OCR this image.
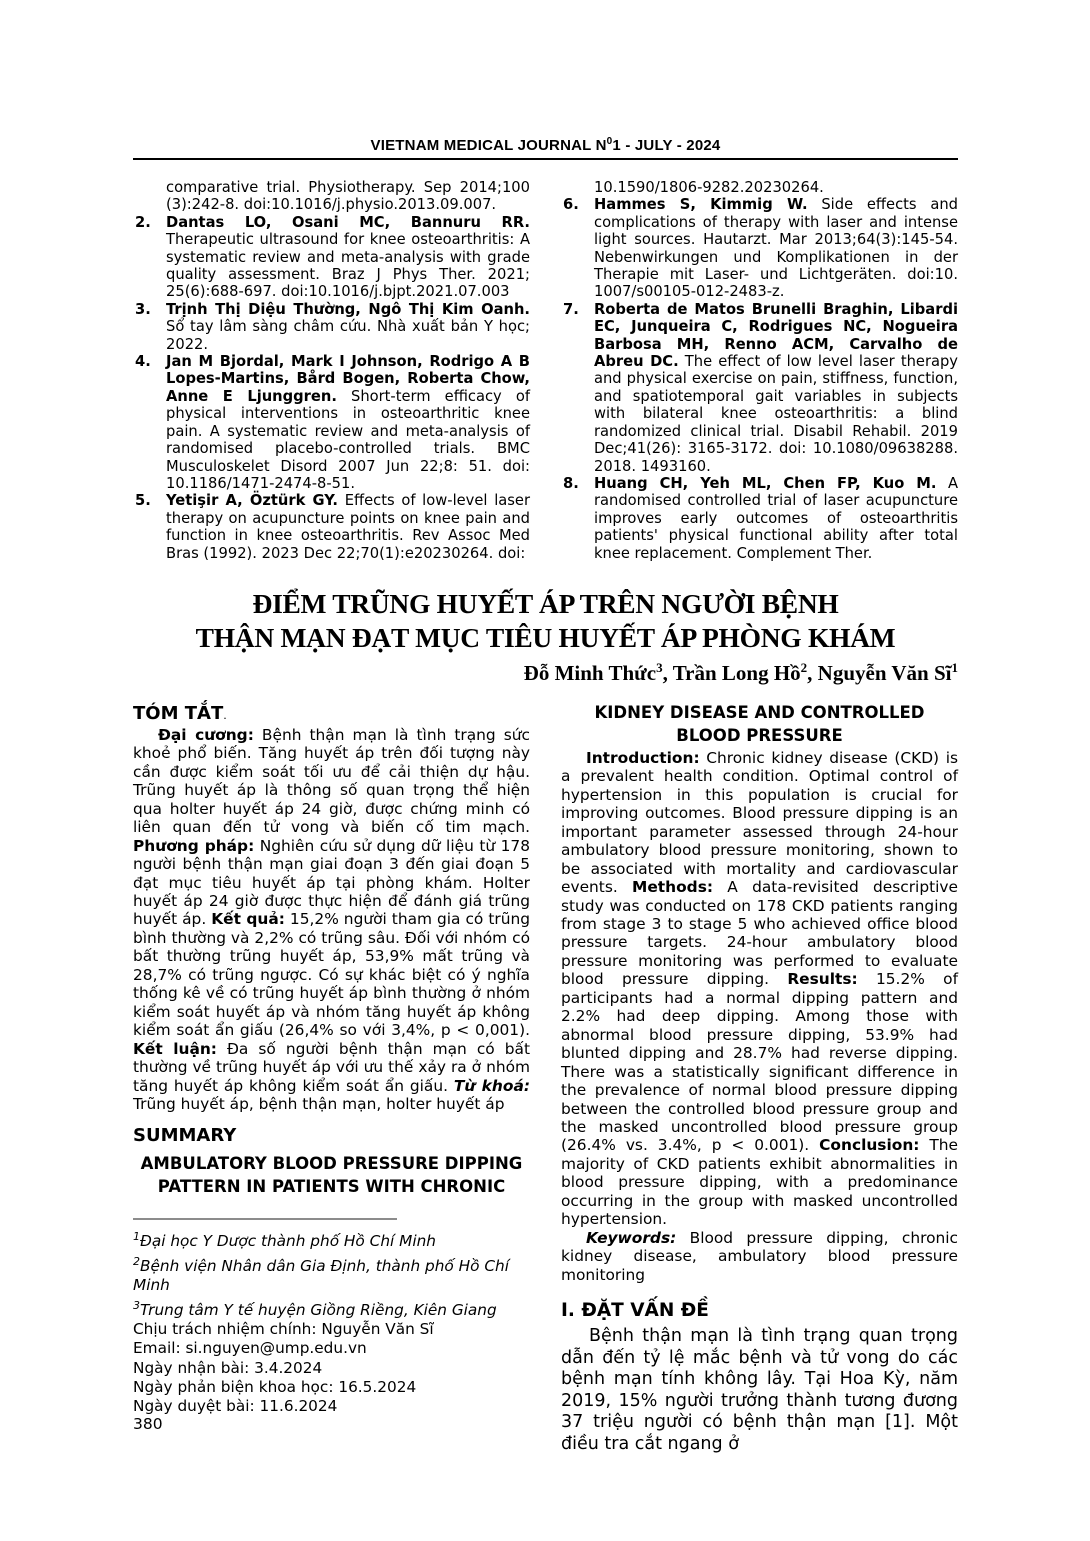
VIETNAM MEDICAL JOURNAL $N^01$ - JULY - 2024
comparative trial. Physiotherapy. Sep 2014;100 (3):242-8. doi:10.1016/j.physio.2013.09.007.
2. Dantas LO, Osani MC, Bannuru RR. Therapeutic ultrasound for knee osteoarthritis: A systematic review and meta-analysis with grade quality assessment. Braz J Phys Ther. 2021; 25(6):688-697. doi:10.1016/j.bjpt.2021.07.003
3. Trịnh Thị Diệu Thường, Ngô Thị Kim Oanh. Sổ tay lâm sàng châm cứu. Nhà xuất bản Y học; 2022.
4. Jan M Bjordal, Mark I Johnson, Rodrigo A B Lopes-Martins, Bård Bogen, Roberta Chow, Anne E Ljunggren. Short-term efficacy of physical interventions in osteoarthritic knee pain. A systematic review and meta-analysis of randomised placebo-controlled trials. BMC Musculoskelet Disord 2007 Jun 22;8: 51. doi: 10.1186/1471-2474-8-51.
5. Yetişir A, Öztürk GY. Effects of low-level laser therapy on acupuncture points on knee pain and function in knee osteoarthritis. Rev Assoc Med Bras (1992). 2023 Dec 22;70(1):e20230264. doi:
10.1590/1806-9282.20230264.
6. Hammes S, Kimmig W. Side effects and complications of therapy with laser and intense light sources. Hautarzt. Mar 2013;64(3):145-54. Nebenwirkungen und Komplikationen in der Therapie mit Laser- und Lichtgeräten. doi:10. 1007/s00105-012-2483-z.
7. Roberta de Matos Brunelli Braghin, Libardi EC, Junqueira C, Rodrigues NC, Nogueira Barbosa MH, Renno ACM, Carvalho de Abreu DC. The effect of low level laser therapy and physical exercise on pain, stiffness, function, and spatiotemporal gait variables in subjects with bilateral knee osteoarthritis: a blind randomized clinical trial. Disabil Rehabil. 2019 Dec;41(26): 3165-3172. doi: 10.1080/09638288. 2018. 1493160.
8. Huang CH, Yeh ML, Chen FP, Kuo M. A randomised controlled trial of laser acupuncture improves early outcomes of osteoarthritis patients' physical functional ability after total knee replacement. Complement Ther.
ĐIỂM TRŨNG HUYẾT ÁP TRÊN NGƯỜI BỆNH
THẬN MẠN ĐẠT MỤC TIÊU HUYẾT ÁP PHÒNG KHÁM
Đỗ Minh Thức$^3$, Trần Long Hồ$^2$, Nguyễn Văn $Sĩ^1$
TÓM TẮT.

Đại cương: Bệnh thận mạn là tình trạng sức khoẻ phổ biến. Tăng huyết áp trên đối tượng này cần được kiểm soát tối ưu để cải thiện dự hậu. Trũng huyết áp là thông số quan trọng thể hiện qua holter huyết áp 24 giờ, được chứng minh có liên quan đến tử vong và biến cố tim mạch. Phương pháp: Nghiên cứu sử dụng dữ liệu từ 178 người bệnh thận mạn giai đoạn 3 đến giai đoạn 5 đạt mục tiêu huyết áp tại phòng khám. Holter huyết áp 24 giờ được thực hiện để đánh giá trũng huyết áp. Kết quả: 15,2% người tham gia có trũng bình thường và 2,2% có trũng sâu. Đối với nhóm có bất thường trũng huyết áp, 53,9% mất trũng và 28,7% có trũng ngược. Có sự khác biệt có ý nghĩa thống kê về có trũng huyết áp bình thường ở nhóm kiểm soát huyết áp và nhóm tăng huyết áp không kiểm soát ẩn giấu (26,4% so với 3,4%, p < 0,001). Kết luận: Đa số người bệnh thận mạn có bất thường về trũng huyết áp với ưu thế xảy ra ở nhóm tăng huyết áp không kiểm soát ẩn giấu. Từ khoá: Trũng huyết áp, bệnh thận mạn, holter huyết áp

SUMMARY
AMBULATORY BLOOD PRESSURE DIPPING
PATTERN IN PATIENTS WITH CHRONIC
$^1$Đại học Y Dược thành phố Hồ Chí Minh
$^2$Bệnh viện Nhân dân Gia Định, thành phố Hồ Chí Minh
$^3$Trung tâm Y tế huyện Giồng Riềng, Kiên Giang
Chịu trách nhiệm chính: Nguyễn Văn Sĩ
Email: si.nguyen@ump.edu.vn
Ngày nhận bài: 3.4.2024
Ngày phản biện khoa học: 16.5.2024
Ngày duyệt bài: 11.6.2024
KIDNEY DISEASE AND CONTROLLED
BLOOD PRESSURE

Introduction: Chronic kidney disease (CKD) is a prevalent health condition. Optimal control of hypertension in this population is crucial for improving outcomes. Blood pressure dipping is an important parameter assessed through 24-hour ambulatory blood pressure monitoring, shown to be associated with mortality and cardiovascular events. Methods: A data-revisited descriptive study was conducted on 178 CKD patients ranging from stage 3 to stage 5 who achieved office blood pressure targets. 24-hour ambulatory blood pressure monitoring was performed to evaluate blood pressure dipping. Results: 15.2% of participants had a normal dipping pattern and 2.2% had deep dipping. Among those with abnormal blood pressure dipping, 53.9% had blunted dipping and 28.7% had reverse dipping. There was a statistically significant difference in the prevalence of normal blood pressure dipping between the controlled blood pressure group and the masked uncontrolled blood pressure group (26.4% vs. 3.4%, p < 0.001). Conclusion: The majority of CKD patients exhibit abnormalities in blood pressure dipping, with a predominance occurring in the group with masked uncontrolled hypertension.

Keywords: Blood pressure dipping, chronic kidney disease, ambulatory blood pressure monitoring

I. ĐẶT VẤN ĐỀ

Bệnh thận mạn là tình trạng quan trọng dẫn đến tỷ lệ mắc bệnh và tử vong do các bệnh mạn tính không lây. Tại Hoa Kỳ, năm 2019, 15% người trưởng thành tương đương 37 triệu người có bệnh thận mạn [1]. Một điều tra cắt ngang ở

380
